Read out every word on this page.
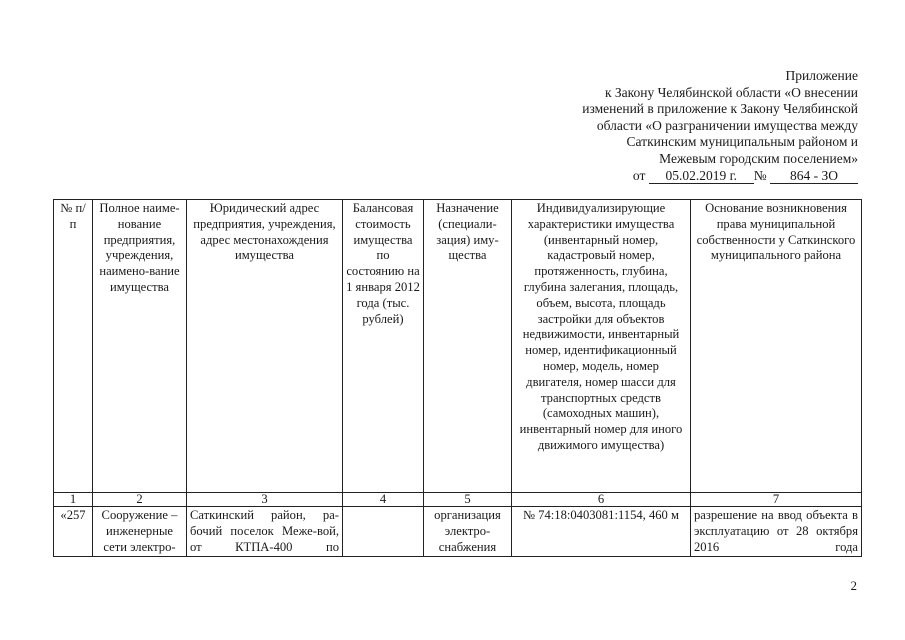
Приложение
к Закону Челябинской области «О внесении
изменений в приложение к Закону Челябинской
области «О разграничении имущества между
Саткинским муниципальным районом и
Межевым городским поселением»
от 05.02.2019 г. № 864 - ЗО
№ п/п	Полное наиме-нование предприятия, учреждения, наимено-вание имущества	Юридический адрес предприятия, учреждения, адрес местонахождения имущества	Балансовая стоимость имущества по состоянию на 1 января 2012 года (тыс. рублей)	Назначение (специали-зация) иму-щества	Индивидуализирующие характеристики имущества (инвентарный номер, кадастровый номер, протяженность, глубина, глубина залегания, площадь, объем, высота, площадь застройки для объектов недвижимости, инвентарный номер, идентификационный номер, модель, номер двигателя, номер шасси для транспортных средств (самоходных машин), инвентарный номер для иного движимого имущества)	Основание возникновения права муниципальной собственности у Саткинского муниципального района
1	2	3	4	5	6	7
«257	Сооружение – инженерные сети электро-	Саткинский район, ра-бочий поселок Меже-вой, от КТПА-400 по		организация электро-снабжения	№ 74:18:0403081:1154, 460 м	разрешение на ввод объекта в эксплуатацию от 28 октября 2016 года
2
